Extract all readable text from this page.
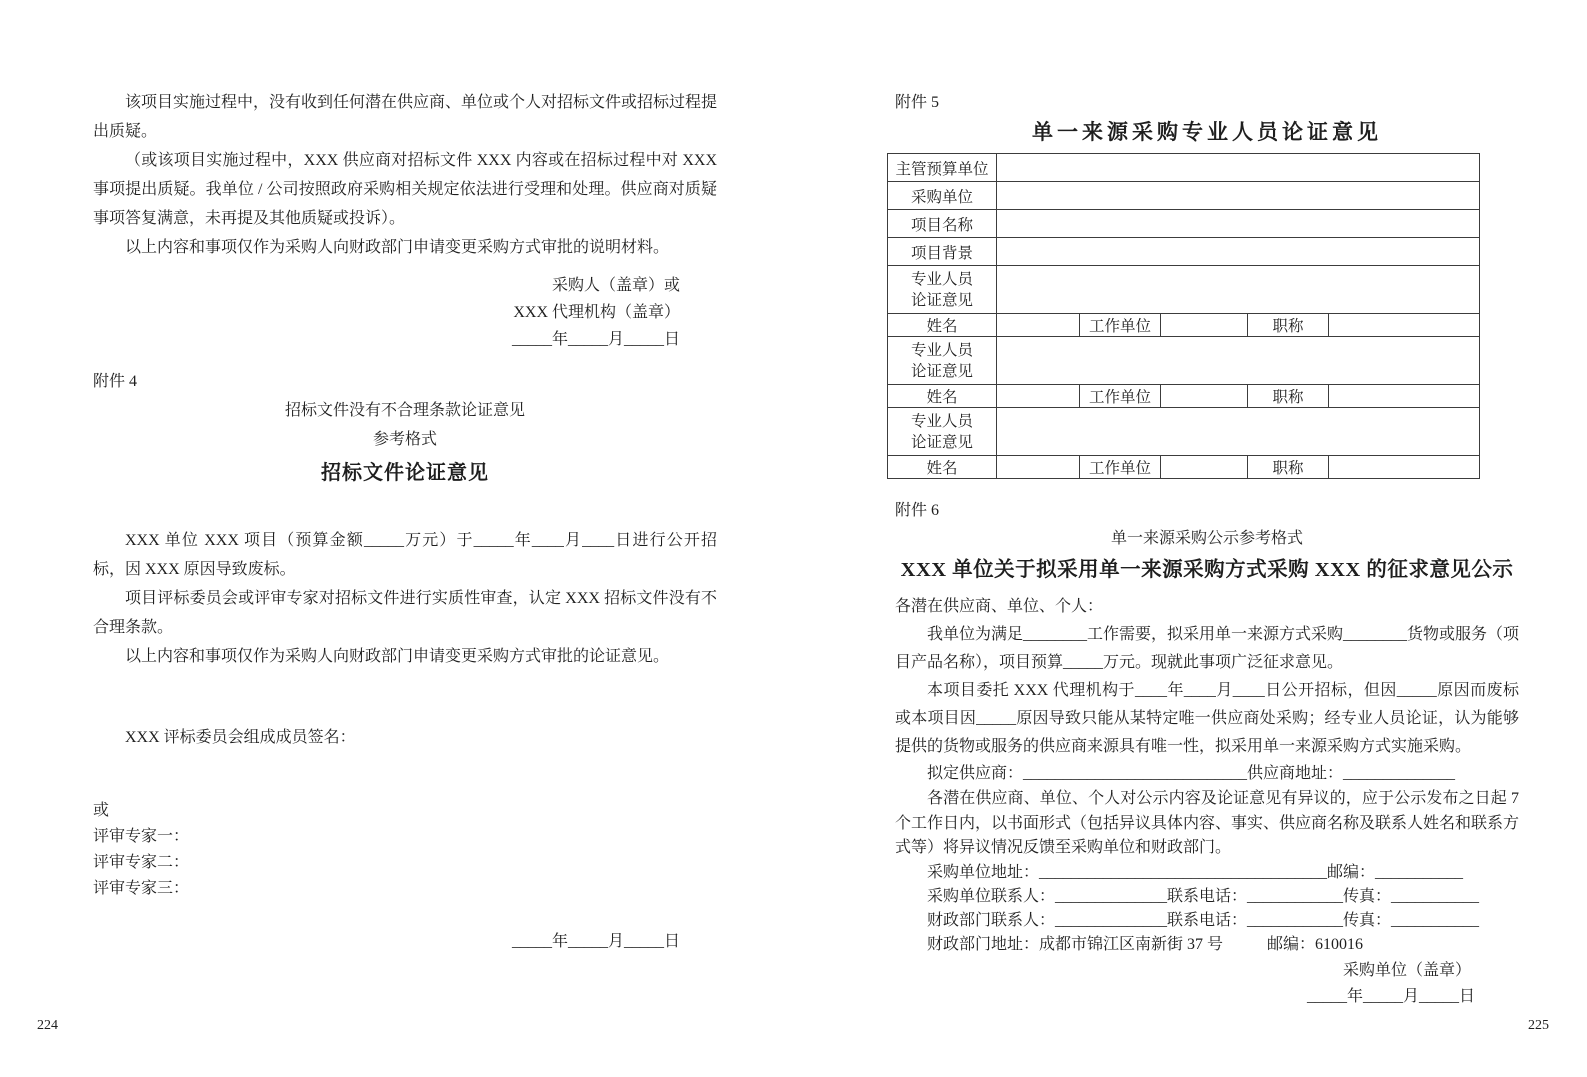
该项目实施过程中，没有收到任何潜在供应商、单位或个人对招标文件或招标过程提出质疑。

（或该项目实施过程中，XXX 供应商对招标文件 XXX 内容或在招标过程中对 XXX 事项提出质疑。我单位 / 公司按照政府采购相关规定依法进行受理和处理。供应商对质疑事项答复满意，未再提及其他质疑或投诉）。

以上内容和事项仅作为采购人向财政部门申请变更采购方式审批的说明材料。

采购人（盖章）或

XXX 代理机构（盖章）

_____年_____月_____日

附件 4

招标文件没有不合理条款论证意见

参考格式

招标文件论证意见

XXX 单位 XXX 项目（预算金额_____万元）于_____年____月____日进行公开招标，因 XXX 原因导致废标。

项目评标委员会或评审专家对招标文件进行实质性审查，认定 XXX 招标文件没有不合理条款。

以上内容和事项仅作为采购人向财政部门申请变更采购方式审批的论证意见。

XXX 评标委员会组成成员签名：

或

评审专家一：

评审专家二：

评审专家三：

_____年_____月_____日

附件 5

单一来源采购专业人员论证意见
主管预算单位					
采购单位					
项目名称					
项目背景					

专业人员
论证意见					

姓名		工作单位		职称	

专业人员
论证意见					

姓名		工作单位		职称	

专业人员
论证意见					

姓名		工作单位		职称	

附件 6

单一来源采购公示参考格式

XXX 单位关于拟采用单一来源采购方式采购 XXX 的征求意见公示

各潜在供应商、单位、个人：

我单位为满足________工作需要，拟采用单一来源方式采购________货物或服务（项目产品名称），项目预算_____万元。现就此事项广泛征求意见。

本项目委托 XXX 代理机构于____年____月____日公开招标，但因_____原因而废标或本项目因_____原因导致只能从某特定唯一供应商处采购；经专业人员论证，认为能够提供的货物或服务的供应商来源具有唯一性，拟采用单一来源采购方式实施采购。

拟定供应商：____________________________供应商地址：______________

各潜在供应商、单位、个人对公示内容及论证意见有异议的，应于公示发布之日起 7 个工作日内，以书面形式（包括异议具体内容、事实、供应商名称及联系人姓名和联系方式等）将异议情况反馈至采购单位和财政部门。

采购单位地址：____________________________________邮编：___________

采购单位联系人：______________联系电话：____________传真：___________

财政部门联系人：______________联系电话：____________传真：___________

财政部门地址：成都市锦江区南新街 37 号	邮编：610016

采购单位（盖章）

_____年_____月_____日

224	225
